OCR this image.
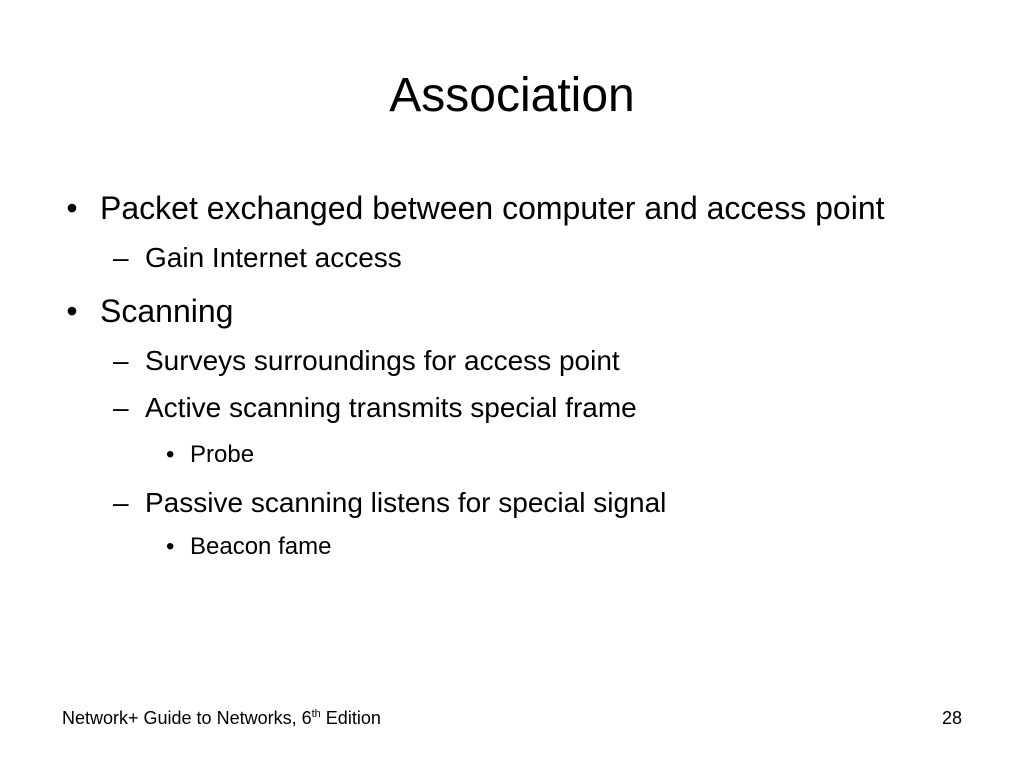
Association
• Packet exchanged between computer and access point
– Gain Internet access
• Scanning
– Surveys surroundings for access point
– Active scanning transmits special frame
• Probe
– Passive scanning listens for special signal
• Beacon fame
Network+ Guide to Networks, 6th Edition	28
